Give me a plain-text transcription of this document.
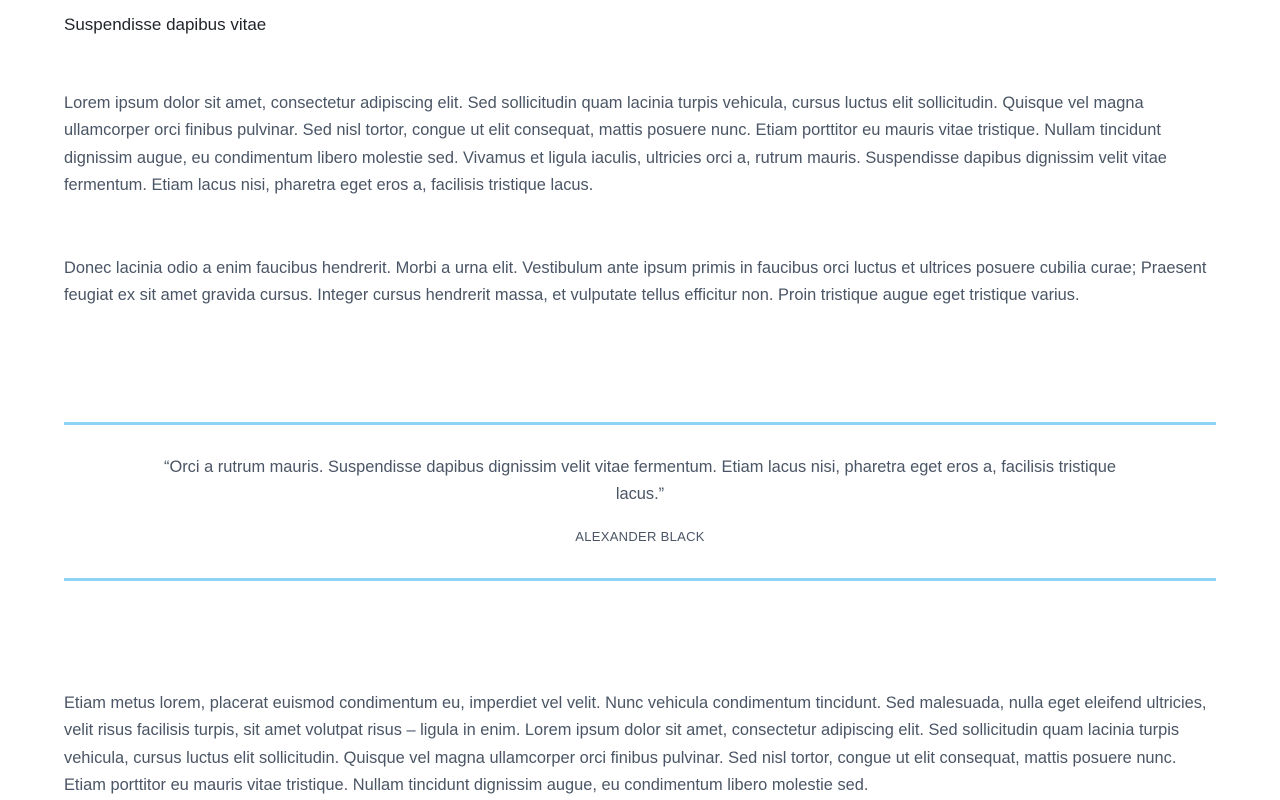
Suspendisse dapibus vitae

Lorem ipsum dolor sit amet, consectetur adipiscing elit. Sed sollicitudin quam lacinia turpis vehicula, cursus luctus elit sollicitudin. Quisque vel magna ullamcorper orci finibus pulvinar. Sed nisl tortor, congue ut elit consequat, mattis posuere nunc. Etiam porttitor eu mauris vitae tristique. Nullam tincidunt dignissim augue, eu condimentum libero molestie sed. Vivamus et ligula iaculis, ultricies orci a, rutrum mauris. Suspendisse dapibus dignissim velit vitae fermentum. Etiam lacus nisi, pharetra eget eros a, facilisis tristique lacus.

Donec lacinia odio a enim faucibus hendrerit. Morbi a urna elit. Vestibulum ante ipsum primis in faucibus orci luctus et ultrices posuere cubilia curae; Praesent feugiat ex sit amet gravida cursus. Integer cursus hendrerit massa, et vulputate tellus efficitur non. Proin tristique augue eget tristique varius.

“Orci a rutrum mauris. Suspendisse dapibus dignissim velit vitae fermentum. Etiam lacus nisi, pharetra eget eros a, facilisis tristique lacus.”

ALEXANDER BLACK

Etiam metus lorem, placerat euismod condimentum eu, imperdiet vel velit. Nunc vehicula condimentum tincidunt. Sed malesuada, nulla eget eleifend ultricies, velit risus facilisis turpis, sit amet volutpat risus – ligula in enim. Lorem ipsum dolor sit amet, consectetur adipiscing elit. Sed sollicitudin quam lacinia turpis vehicula, cursus luctus elit sollicitudin. Quisque vel magna ullamcorper orci finibus pulvinar. Sed nisl tortor, congue ut elit consequat, mattis posuere nunc. Etiam porttitor eu mauris vitae tristique. Nullam tincidunt dignissim augue, eu condimentum libero molestie sed.
